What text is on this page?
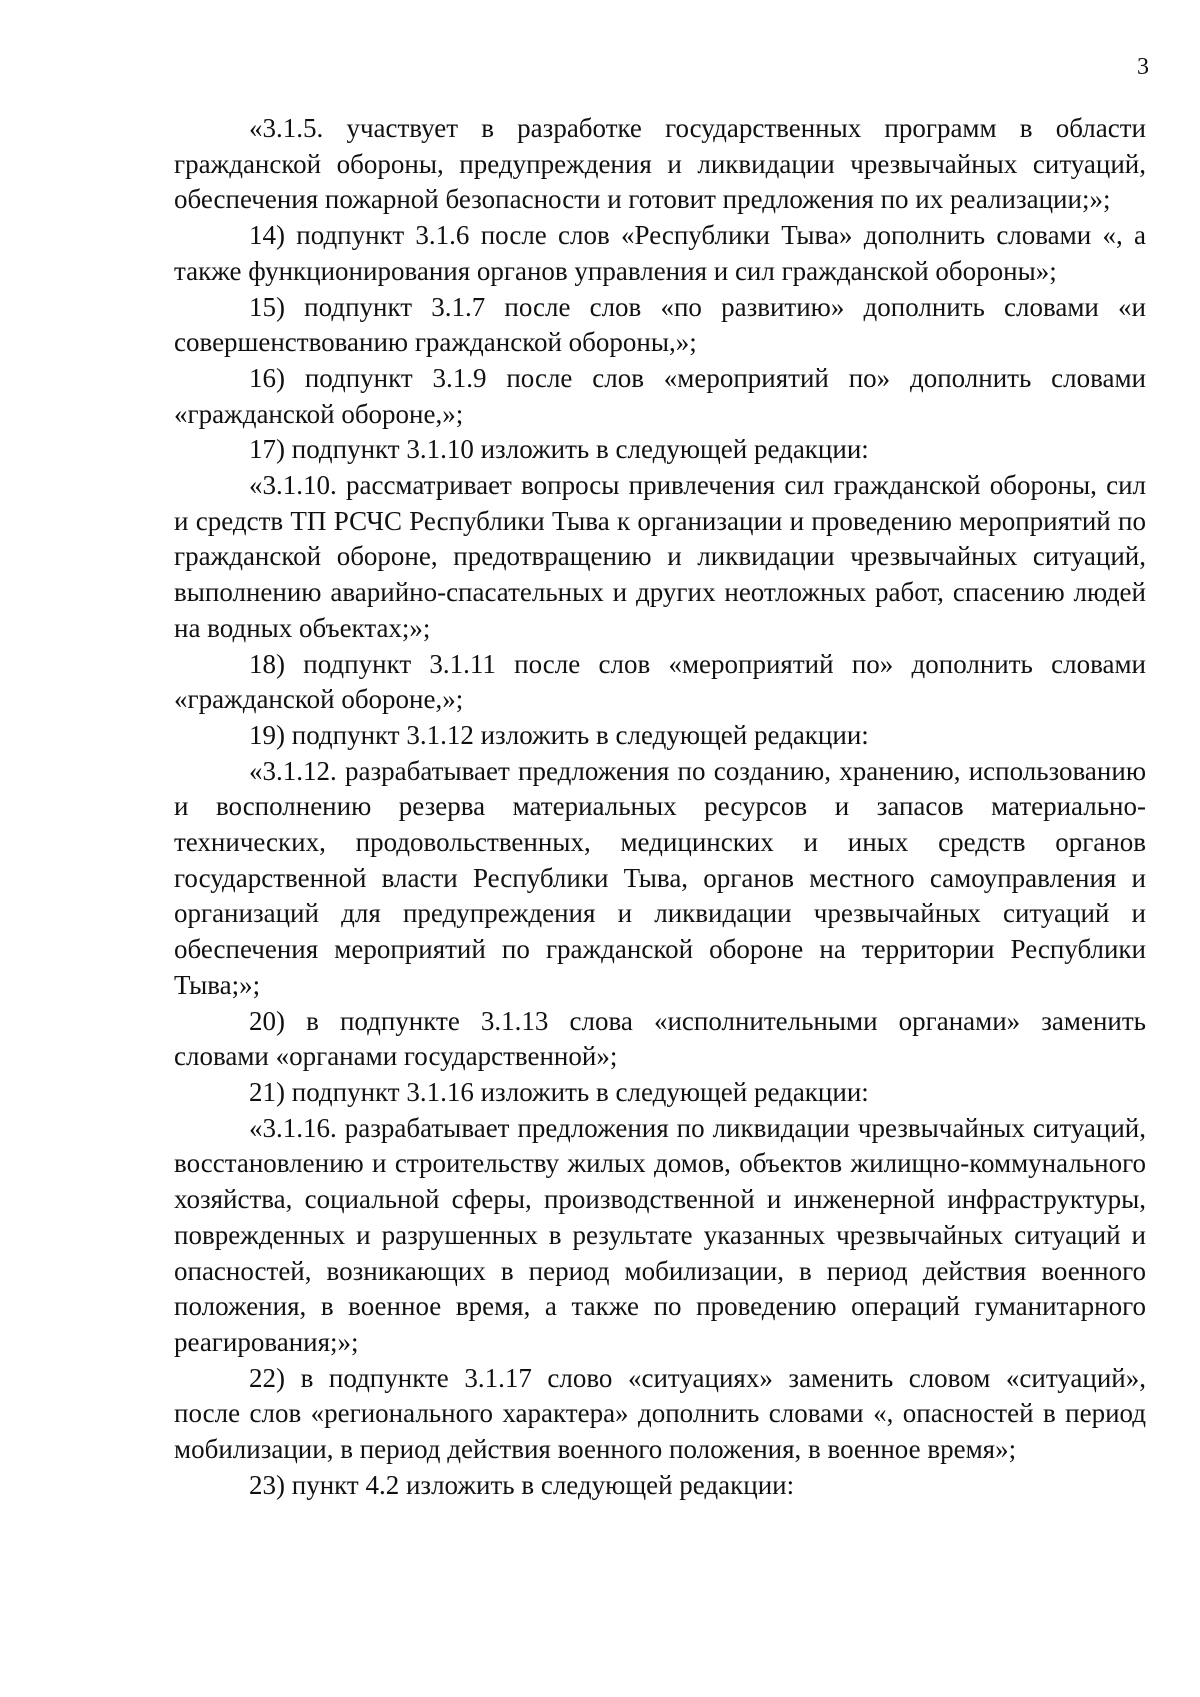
3

«3.1.5. участвует в разработке государственных программ в области гражданской обороны, предупреждения и ликвидации чрезвычайных ситуаций, обеспечения пожарной безопасности и готовит предложения по их реализации;»;

14) подпункт 3.1.6 после слов «Республики Тыва» дополнить словами «, а также функционирования органов управления и сил гражданской обороны»;

15) подпункт 3.1.7 после слов «по развитию» дополнить словами «и совершенствованию гражданской обороны,»;

16) подпункт 3.1.9 после слов «мероприятий по» дополнить словами «гражданской обороне,»;

17) подпункт 3.1.10 изложить в следующей редакции:

«3.1.10. рассматривает вопросы привлечения сил гражданской обороны, сил и средств ТП РСЧС Республики Тыва к организации и проведению мероприятий по гражданской обороне, предотвращению и ликвидации чрезвычайных ситуаций, выполнению аварийно-спасательных и других неотложных работ, спасению людей на водных объектах;»;

18) подпункт 3.1.11 после слов «мероприятий по» дополнить словами «гражданской обороне,»;

19) подпункт 3.1.12 изложить в следующей редакции:

«3.1.12. разрабатывает предложения по созданию, хранению, использованию и восполнению резерва материальных ресурсов и запасов материально-технических, продовольственных, медицинских и иных средств органов государственной власти Республики Тыва, органов местного самоуправления и организаций для предупреждения и ликвидации чрезвычайных ситуаций и обеспечения мероприятий по гражданской обороне на территории Республики Тыва;»;

20) в подпункте 3.1.13 слова «исполнительными органами» заменить словами «органами государственной»;

21) подпункт 3.1.16 изложить в следующей редакции:

«3.1.16. разрабатывает предложения по ликвидации чрезвычайных ситуаций, восстановлению и строительству жилых домов, объектов жилищно-коммунального хозяйства, социальной сферы, производственной и инженерной инфраструктуры, поврежденных и разрушенных в результате указанных чрезвычайных ситуаций и опасностей, возникающих в период мобилизации, в период действия военного положения, в военное время, а также по проведению операций гуманитарного реагирования;»;

22) в подпункте 3.1.17 слово «ситуациях» заменить словом «ситуаций», после слов «регионального характера» дополнить словами «, опасностей в период мобилизации, в период действия военного положения, в военное время»;

23) пункт 4.2 изложить в следующей редакции:
